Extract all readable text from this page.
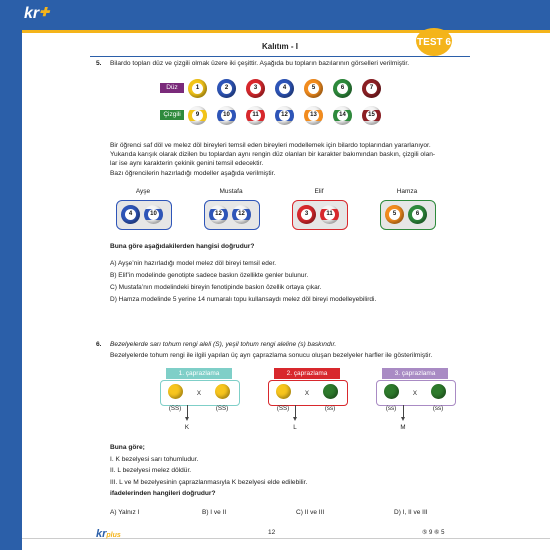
kr✚
TEST 6
Kalıtım - I
5. Bilardo topları düz ve çizgili olmak üzere iki çeşittir. Aşağıda bu topların bazılarının görselleri verilmiştir.
Düz
Çizgili
1	2	3	4	5	6	7
9	10	11	12	13	14	15
Bir öğrenci saf döl ve melez döl bireyleri temsil eden bireyleri modellemek için bilardo toplarından yararlanıyor.
Yukarıda karışık olarak dizilen bu toplardan aynı rengin düz olanları bir karakter bakımından baskın, çizgili olan-
lar ise aynı karakterin çekinik genini temsil edecektir.
Bazı öğrencilerin hazırladığı modeller aşağıda verilmiştir.
Ayşe
4	10
Mustafa
12	12
Elif
3	11
Hamza
5	6
Buna göre aşağıdakilerden hangisi doğrudur?
A) Ayşe’nin hazırladığı model melez döl bireyi temsil eder.
B) Elif’in modelinde genotipte sadece baskın özellikte genler bulunur.
C) Mustafa’nın modelindeki bireyin fenotipinde baskın özellik ortaya çıkar.
D) Hamza modelinde 5 yerine 14 numaralı topu kullansaydı melez döl bireyi modelleyebilirdi.
6. Bezelyelerde sarı tohum rengi aleli (S), yeşil tohum rengi aleline (s) baskındır.
Bezelyelerde tohum rengi ile ilgili yapılan üç ayrı çaprazlama sonucu oluşan bezelyeler harfler ile gösterilmiştir.
1. çaprazlama
X
(SS)	(SS)
K
2. çaprazlama
X
(SS)	(ss)
L
3. çaprazlama
X
(ss)	(ss)
M
Buna göre;
I. K bezelyesi sarı tohumludur.
II. L bezelyesi melez döldür.
III. L ve M bezelyesinin çaprazlanmasıyla K bezelyesi elde edilebilir.
ifadelerinden hangileri doğrudur?
A) Yalnız I	B) I ve II	C) II ve III	D) I, II ve III
krplus	12	⑤ 9 ⑥ 5
